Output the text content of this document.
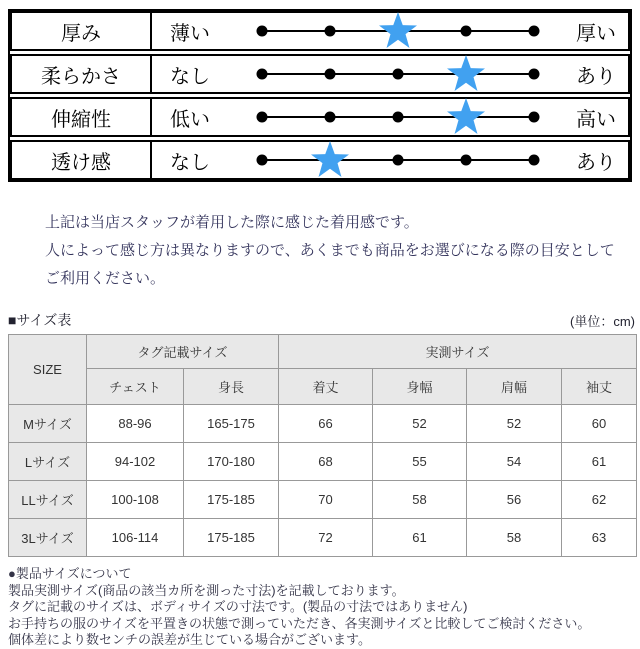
厚み	薄い	厚い
柔らかさ	なし	あり
伸縮性	低い	高い
透け感	なし	あり
上記は当店スタッフが着用した際に感じた着用感です。
人によって感じ方は異なりますので、あくまでも商品をお選びになる際の目安として
ご利用ください。
■サイズ表	(単位：cm)
SIZE	タグ記載サイズ		実測サイズ			
	チェスト	身長	着丈	身幅	肩幅	袖丈
Mサイズ	88-96	165-175	66	52	52	60
Lサイズ	94-102	170-180	68	55	54	61
LLサイズ	100-108	175-185	70	58	56	62
3Lサイズ	106-114	175-185	72	61	58	63
●製品サイズについて
製品実測サイズ(商品の該当カ所を測った寸法)を記載しております。
タグに記載のサイズは、ボディサイズの寸法です。(製品の寸法ではありません)
お手持ちの服のサイズを平置きの状態で測っていただき、各実測サイズと比較してご検討ください。
個体差により数センチの誤差が生じている場合がございます。
